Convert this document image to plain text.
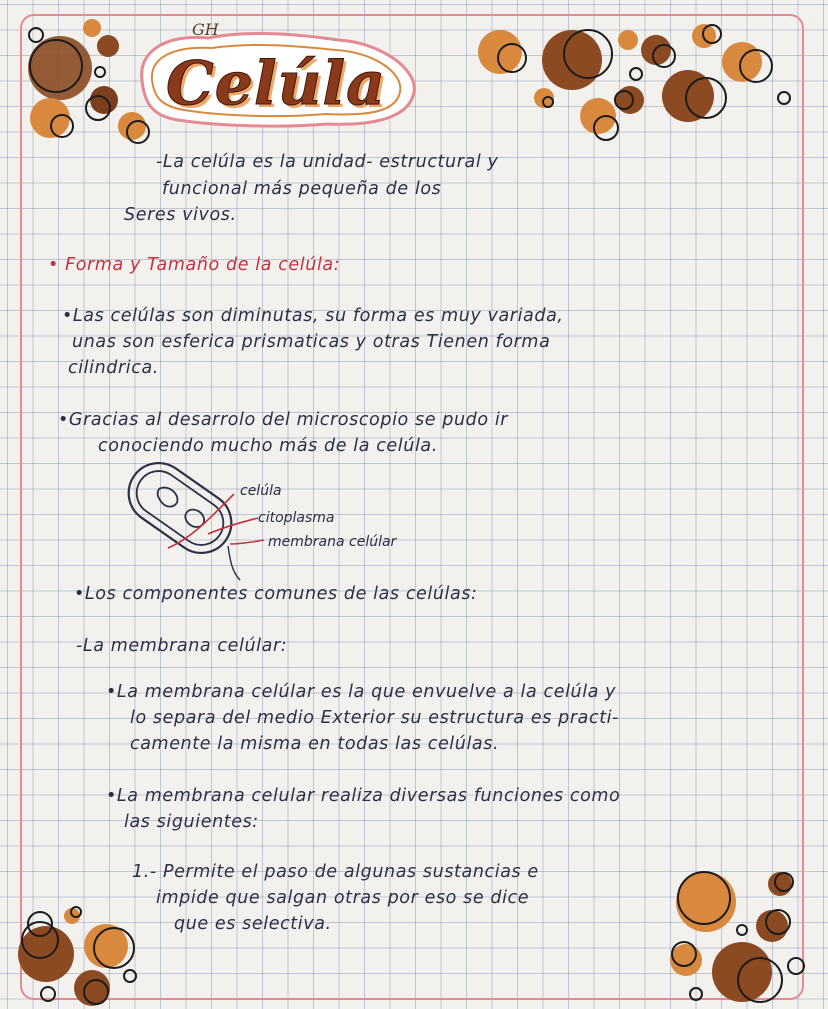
Celúla
GH
-La celúla es la unidad- estructural y
funcional más pequeña de los
Seres vivos.
• Forma y Tamaño de la celúla:
•Las celúlas son diminutas, su forma es muy variada,
unas son esferica prismaticas y otras Tienen forma
cilindrica.
•Gracias al desarrolo del microscopio se pudo ir
conociendo mucho más de la celúla.
celúla
citoplasma
membrana celúlar
•Los componentes comunes de las celúlas:
-La membrana celúlar:
•La membrana celúlar es la que envuelve a la celúla y
lo separa del medio Exterior su estructura es practi-
camente la misma en todas las celúlas.
•La membrana celular realiza diversas funciones como
las siguientes:
1.- Permite el paso de algunas sustancias e
impide que salgan otras por eso se dice
que es selectiva.
